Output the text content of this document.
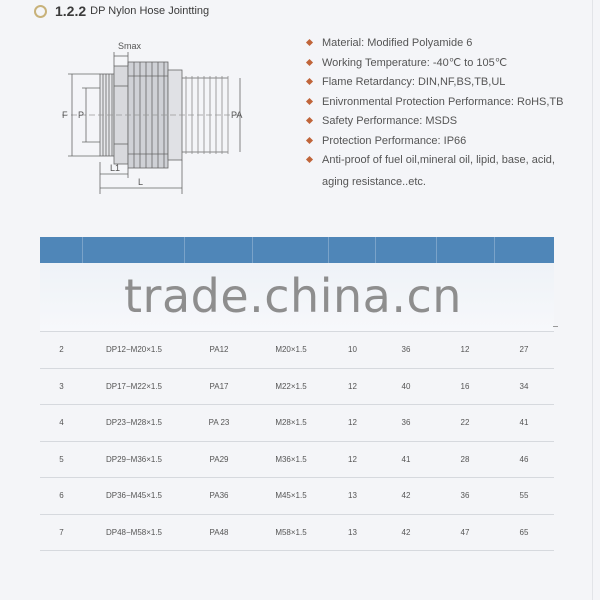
1.2.2 DP Nylon Hose Jointting
Smax
F P
L1
L
PA
Material: Modified Polyamide 6
Working Temperature: -40℃ to 105℃
Flame Retardancy: DIN,NF,BS,TB,UL
Enivronmental Protection Performance: RoHS,TB
Safety Performance: MSDS
Protection Performance: IP66
Anti-proof of fuel oil,mineral oil, lipid, base, acid,
aging resistance..etc.
trade.china.cn
2	DP12−M20×1.5	PA12	M20×1.5	10	36	12	27
3	DP17−M22×1.5	PA17	M22×1.5	12	40	16	34
4	DP23−M28×1.5	PA 23	M28×1.5	12	36	22	41
5	DP29−M36×1.5	PA29	M36×1.5	12	41	28	46
6	DP36−M45×1.5	PA36	M45×1.5	13	42	36	55
7	DP48−M58×1.5	PA48	M58×1.5	13	42	47	65
